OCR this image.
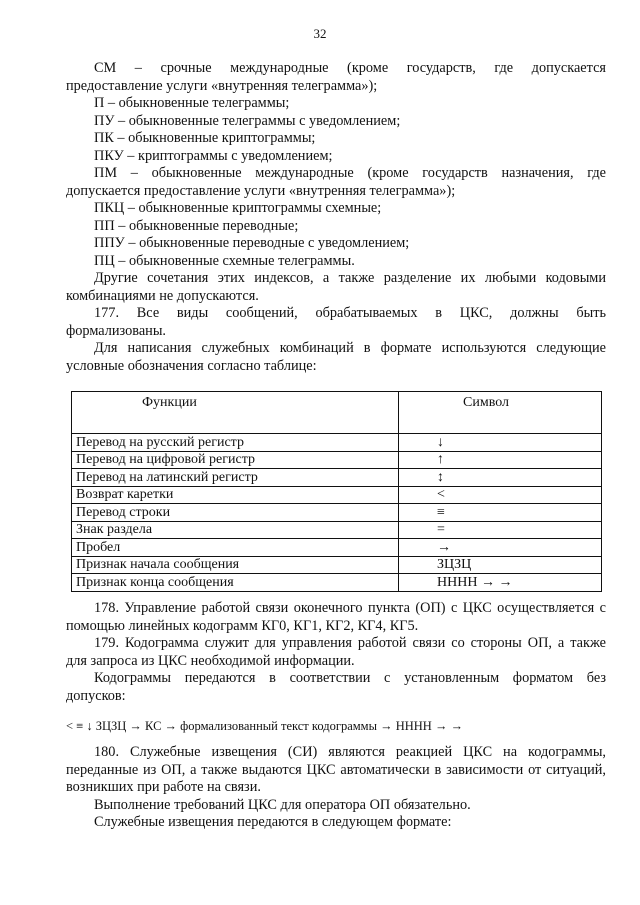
32
СМ – срочные международные (кроме государств, где допускается
предоставление услуги «внутренняя телеграмма»);
П – обыкновенные телеграммы;
ПУ – обыкновенные телеграммы с уведомлением;
ПК – обыкновенные криптограммы;
ПКУ – криптограммы с уведомлением;
ПМ – обыкновенные международные (кроме государств назначения, где
допускается предоставление услуги «внутренняя телеграмма»);
ПКЦ – обыкновенные криптограммы схемные;
ПП – обыкновенные переводные;
ППУ – обыкновенные переводные с уведомлением;
ПЦ – обыкновенные схемные телеграммы.
Другие сочетания этих индексов, а также разделение их любыми кодовыми
комбинациями не допускаются.
177. Все виды сообщений, обрабатываемых в ЦКС, должны быть
формализованы.
Для написания служебных комбинаций в формате используются следующие
условные обозначения согласно таблице:
Функции	Символ
Перевод на русский регистр	↓
Перевод на цифровой регистр	↑
Перевод на латинский регистр	↕
Возврат каретки	<
Перевод строки	≡
Знак раздела	=
Пробел	→
Признак начала сообщения	ЗЦЗЦ
Признак конца сообщения	НННН → →
178. Управление работой связи оконечного пункта (ОП) с ЦКС осуществляется с
помощью линейных кодограмм КГ0, КГ1, КГ2, КГ4, КГ5.
179. Кодограмма служит для управления работой связи со стороны ОП, а также
для запроса из ЦКС необходимой информации.
Кодограммы передаются в соответствии с установленным форматом без
допусков:
< ≡ ↓ ЗЦЗЦ → КС → формализованный текст кодограммы → НННН → →
180. Служебные извещения (СИ) являются реакцией ЦКС на кодограммы,
переданные из ОП, а также выдаются ЦКС автоматически в зависимости от ситуаций,
возникших при работе на связи.
Выполнение требований ЦКС для оператора ОП обязательно.
Служебные извещения передаются в следующем формате:
